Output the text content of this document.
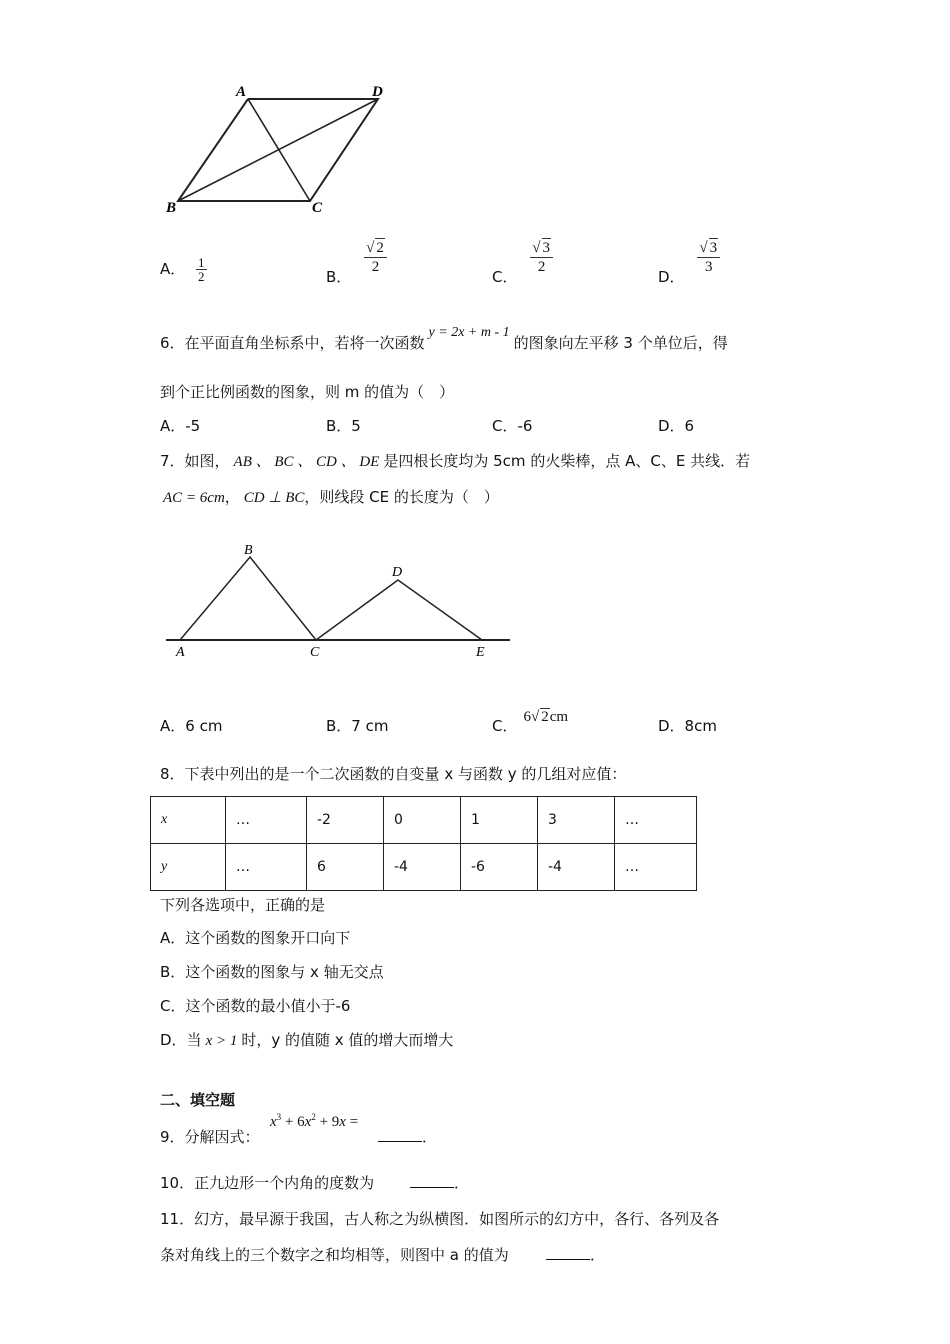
A	D
B	C
A． $\frac{1}{2}$	B．
$\frac{√ 2}{2}$
C．
$\frac{√ 3}{2}$
D．
$\frac{√ 3}{3}$
6．在平面直角坐标系中，若将一次函数y = 2x + m - 1的图象向左平移 3 个单位后，得
到个正比例函数的图象，则 m 的值为（　）
A．-5	B．5	C．-6	D．6
7．如图， AB 、 BC 、 CD 、 DE 是四根长度均为 5cm 的火柴棒，点 A、C、E 共线．若
AC = 6cm， CD ⊥ BC，则线段 CE 的长度为（　）
B
D
A	C	E
A．6 cm	B．7 cm	C． 6√ 2cm	D．8cm
8．下表中列出的是一个二次函数的自变量 x 与函数 y 的几组对应值：
x	…	-2	0	1	3	…
y	…	6	-4	-6	-4	…
下列各选项中，正确的是
A．这个函数的图象开口向下
B．这个函数的图象与 x 轴无交点
C．这个函数的最小值小于-6
D．当 x > 1 时，y 的值随 x 值的增大而增大
二、填空题
9．分解因式：
$x^3 + 6x^2 + 9x$ =
．
10．正九边形一个内角的度数为	．
11．幻方，最早源于我国，古人称之为纵横图．如图所示的幻方中，各行、各列及各
条对角线上的三个数字之和均相等，则图中 a 的值为	．
